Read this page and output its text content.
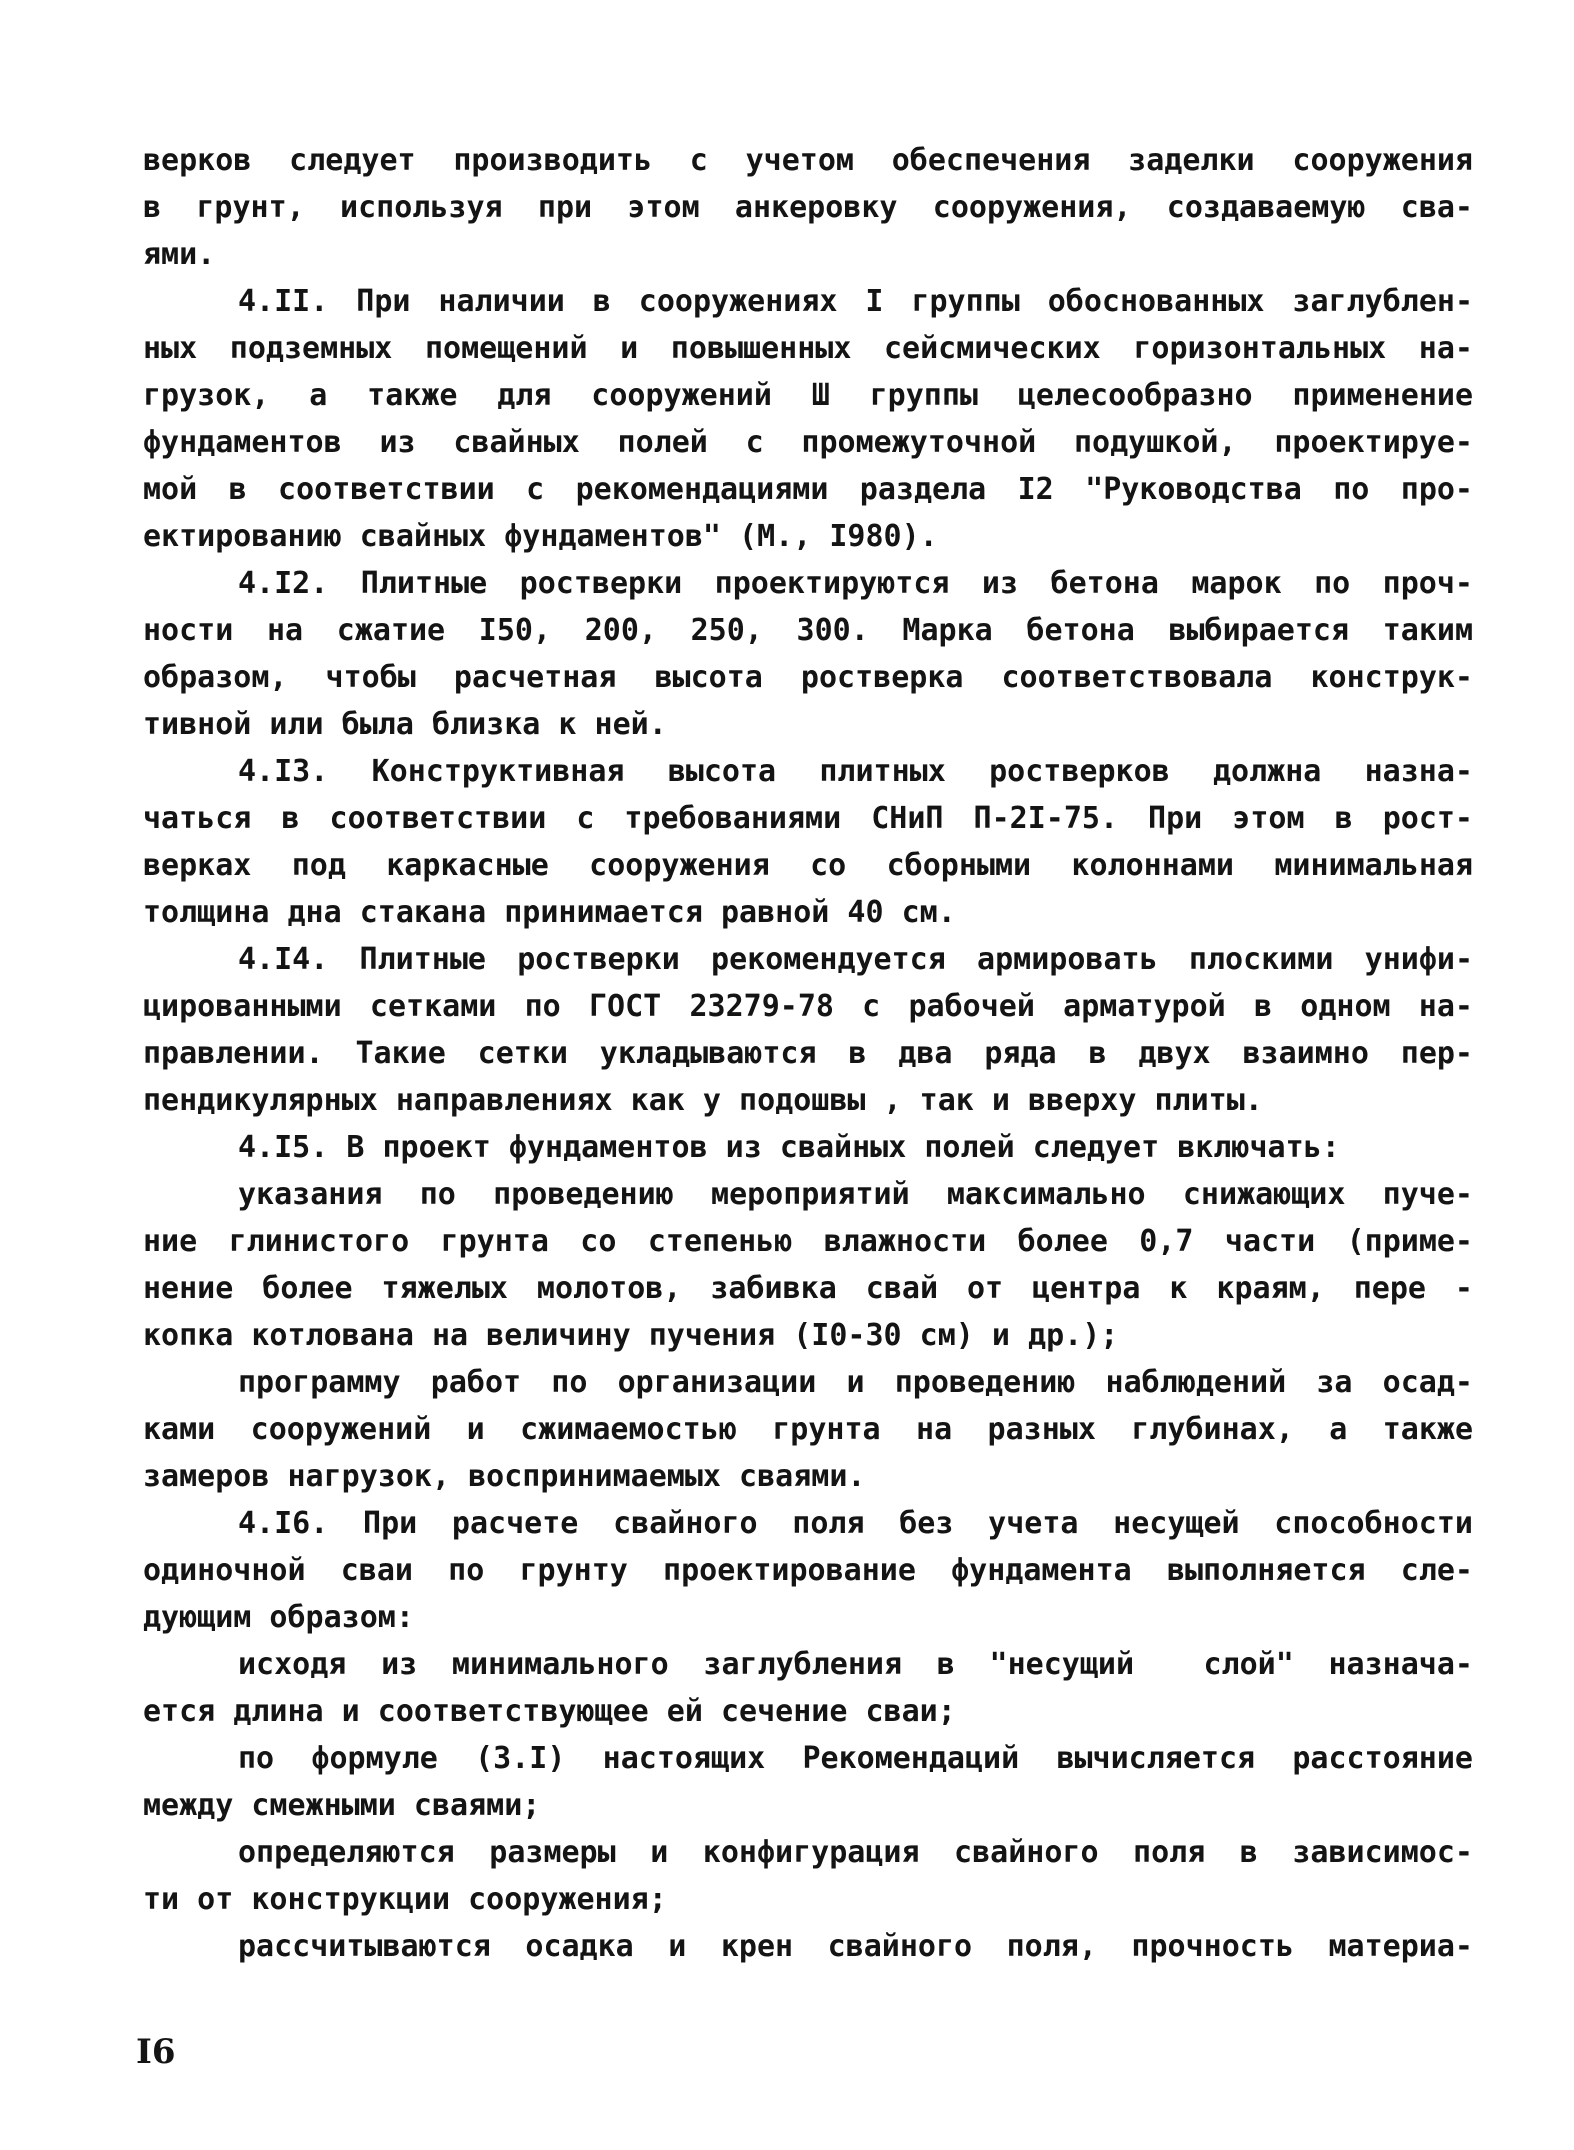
верков следует производить с учетом обеспечения заделки сооружения
в грунт, используя при этом анкеровку сооружения, создаваемую сва-
ями.
4.II. При наличии в сооружениях I группы обоснованных заглублен-
ных подземных помещений и повышенных сейсмических горизонтальных на-
грузок, а также для сооружений Ш группы целесообразно применение
фундаментов из свайных полей с промежуточной подушкой, проектируе-
мой в соответствии с рекомендациями раздела I2 "Руководства по про-
ектированию свайных фундаментов" (М., I980).
4.I2. Плитные ростверки проектируются из бетона марок по проч-
ности на сжатие I50, 200, 250, 300. Марка бетона выбирается таким
образом, чтобы расчетная высота ростверка соответствовала конструк-
тивной или была близка к ней.
4.I3. Конструктивная высота плитных ростверков должна назна-
чаться в соответствии с требованиями СНиП П-2I-75. При этом в рост-
верках под каркасные сооружения со сборными колоннами минимальная
толщина дна стакана принимается равной 40 см.
4.I4. Плитные ростверки рекомендуется армировать плоскими унифи-
цированными сетками по ГОСТ 23279-78 с рабочей арматурой в одном на-
правлении. Такие сетки укладываются в два ряда в двух взаимно пер-
пендикулярных направлениях как у подошвы , так и вверху плиты.
4.I5. В проект фундаментов из свайных полей следует включать:
указания по проведению мероприятий максимально снижающих пуче-
ние глинистого грунта со степенью влажности более 0,7 части (приме-
нение более тяжелых молотов, забивка свай от центра к краям, пере -
копка котлована на величину пучения (I0-30 см) и др.);
программу работ по организации и проведению наблюдений за осад-
ками сооружений и сжимаемостью грунта на разных глубинах, а также
замеров нагрузок, воспринимаемых сваями.
4.I6. При расчете свайного поля без учета несущей способности
одиночной сваи по грунту проектирование фундамента выполняется сле-
дующим образом:
исходя из минимального заглубления в "несущий  слой" назнача-
ется длина и соответствующее ей сечение сваи;
по формуле (3.I) настоящих Рекомендаций вычисляется расстояние
между смежными сваями;
определяются размеры и конфигурация свайного поля в зависимос-
ти от конструкции сооружения;
рассчитываются осадка и крен свайного поля, прочность материа-
I6
